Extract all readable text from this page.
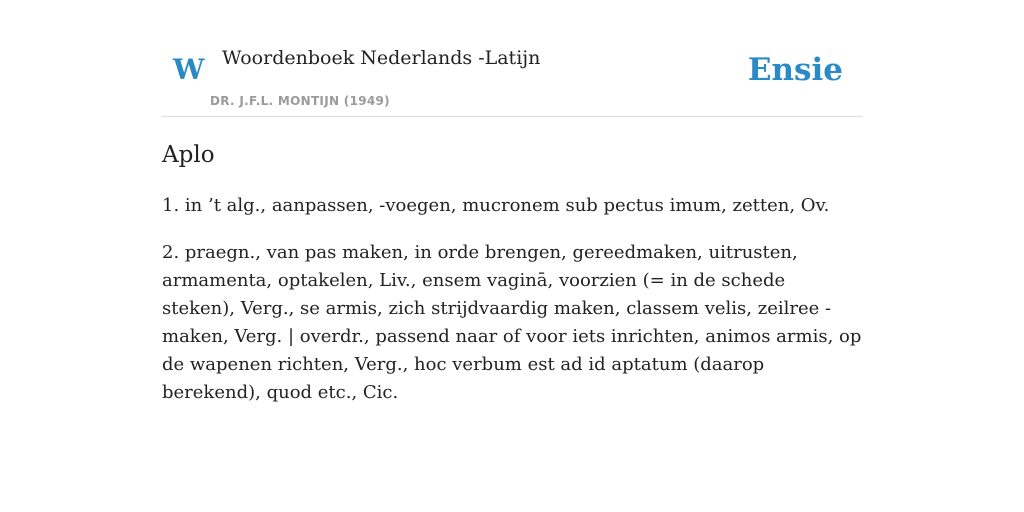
W Woordenboek Nederlands -Latijn
DR. J.F.L. MONTIJN (1949)
Ensie
Aplo

1. in ’t alg., aanpassen, -voegen, mucronem sub pectus imum, zetten, Ov.

2. praegn., van pas maken, in orde brengen, gereedmaken, uitrusten, armamenta, optakelen, Liv., ensem vaginā, voorzien (= in de schede steken), Verg., se armis, zich strijdvaardig maken, classem velis, zeilree -maken, Verg. | overdr., passend naar of voor iets inrichten, animos armis, op de wapenen richten, Verg., hoc verbum est ad id aptatum (daarop berekend), quod etc., Cic.
